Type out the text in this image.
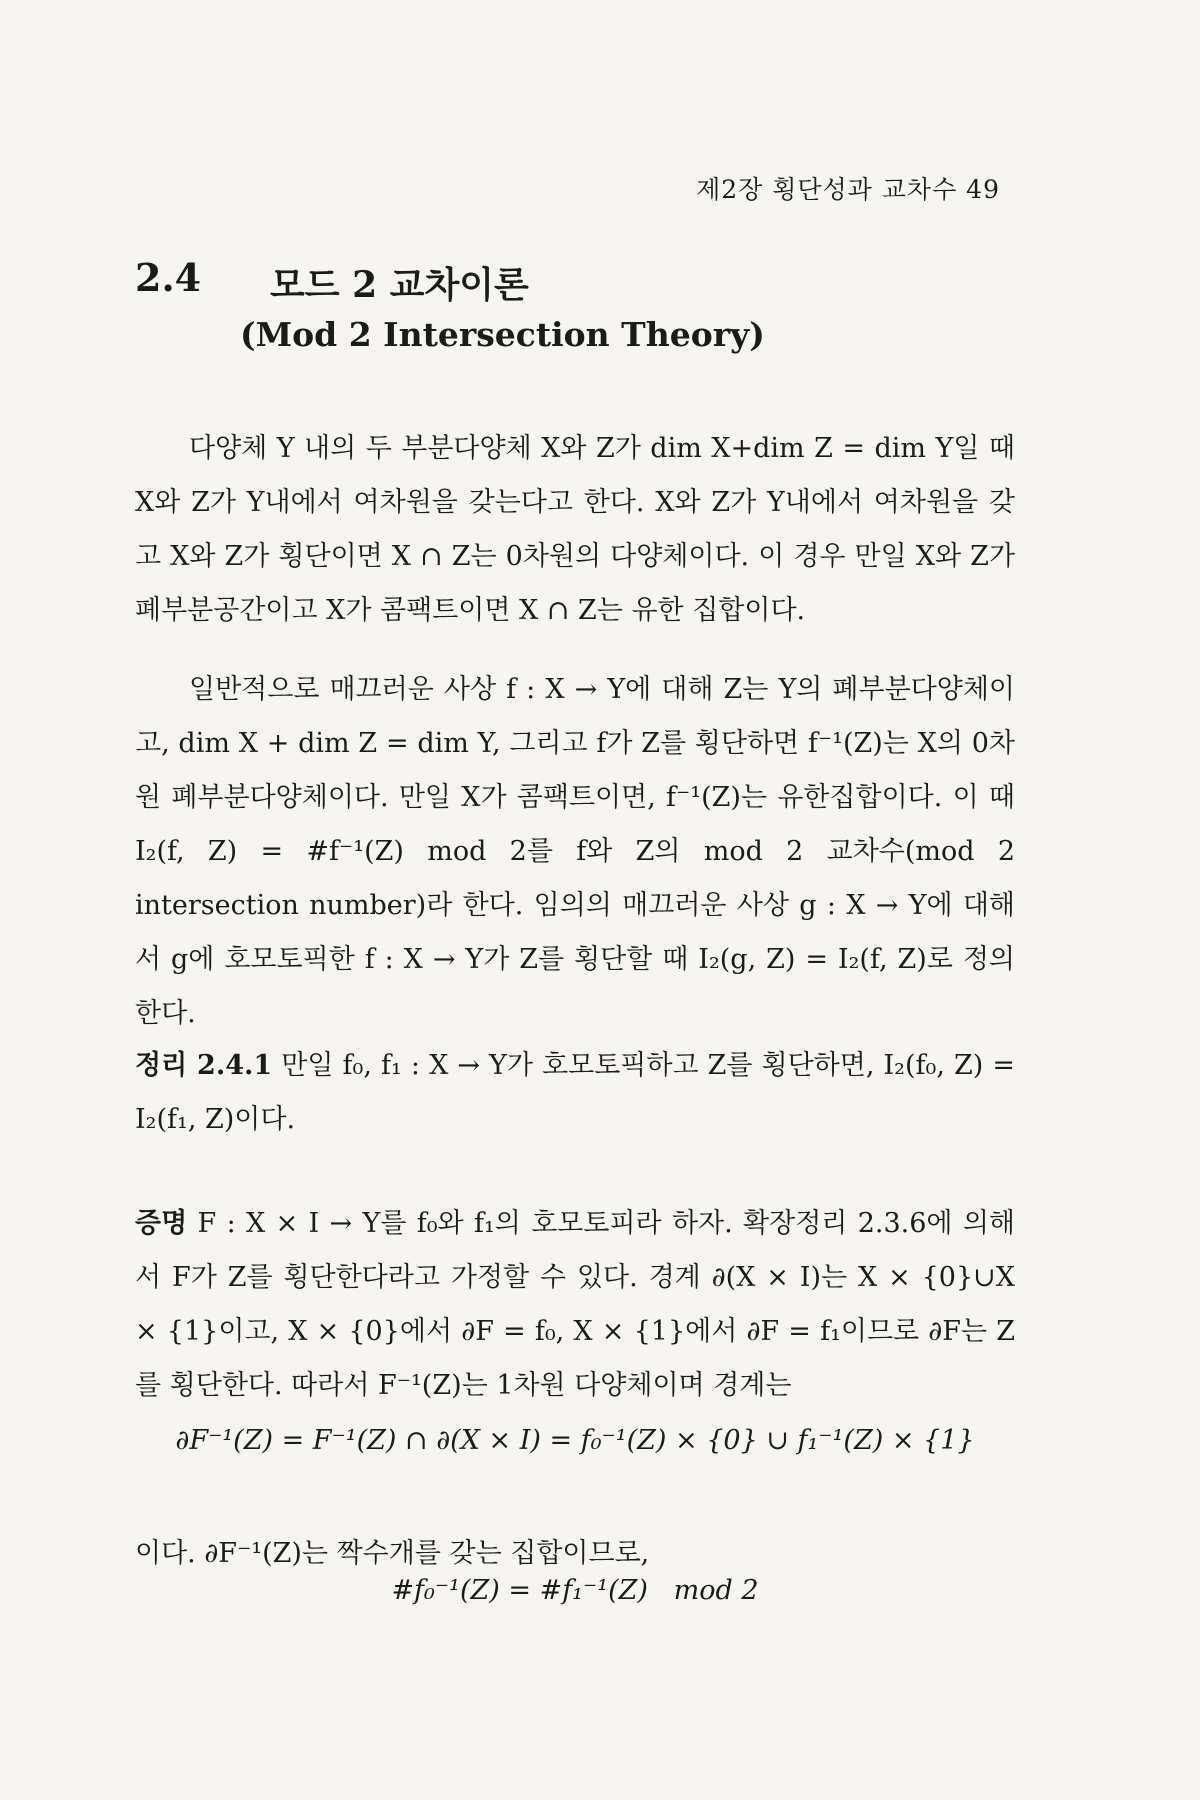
제2장 횡단성과 교차수 49
2.4 모드 2 교차이론
(Mod 2 Intersection Theory)

다양체 Y 내의 두 부분다양체 X와 Z가 dim X+dim Z = dim Y일 때 X와 Z가 Y내에서 여차원을 갖는다고 한다. X와 Z가 Y내에서 여차원을 갖고 X와 Z가 횡단이면 X ∩ Z는 0차원의 다양체이다. 이 경우 만일 X와 Z가 폐부분공간이고 X가 콤팩트이면 X ∩ Z는 유한 집합이다.

일반적으로 매끄러운 사상 f : X → Y에 대해 Z는 Y의 폐부분다양체이고, dim X + dim Z = dim Y, 그리고 f가 Z를 횡단하면 f⁻¹(Z)는 X의 0차원 폐부분다양체이다. 만일 X가 콤팩트이면, f⁻¹(Z)는 유한집합이다. 이 때 I₂(f, Z) = #f⁻¹(Z) mod 2를 f와 Z의 mod 2 교차수(mod 2 intersection number)라 한다. 임의의 매끄러운 사상 g : X → Y에 대해서 g에 호모토픽한 f : X → Y가 Z를 횡단할 때 I₂(g, Z) = I₂(f, Z)로 정의한다.

정리 2.4.1 만일 f₀, f₁ : X → Y가 호모토픽하고 Z를 횡단하면, I₂(f₀, Z) = I₂(f₁, Z)이다.

증명 F : X × I → Y를 f₀와 f₁의 호모토피라 하자. 확장정리 2.3.6에 의해서 F가 Z를 횡단한다라고 가정할 수 있다. 경계 ∂(X × I)는 X × {0}∪X × {1}이고, X × {0}에서 ∂F = f₀, X × {1}에서 ∂F = f₁이므로 ∂F는 Z를 횡단한다. 따라서 F⁻¹(Z)는 1차원 다양체이며 경계는

∂F⁻¹(Z) = F⁻¹(Z) ∩ ∂(X × I) = f₀⁻¹(Z) × {0} ∪ f₁⁻¹(Z) × {1}

이다. ∂F⁻¹(Z)는 짝수개를 갖는 집합이므로,

#f₀⁻¹(Z) = #f₁⁻¹(Z)   mod 2
